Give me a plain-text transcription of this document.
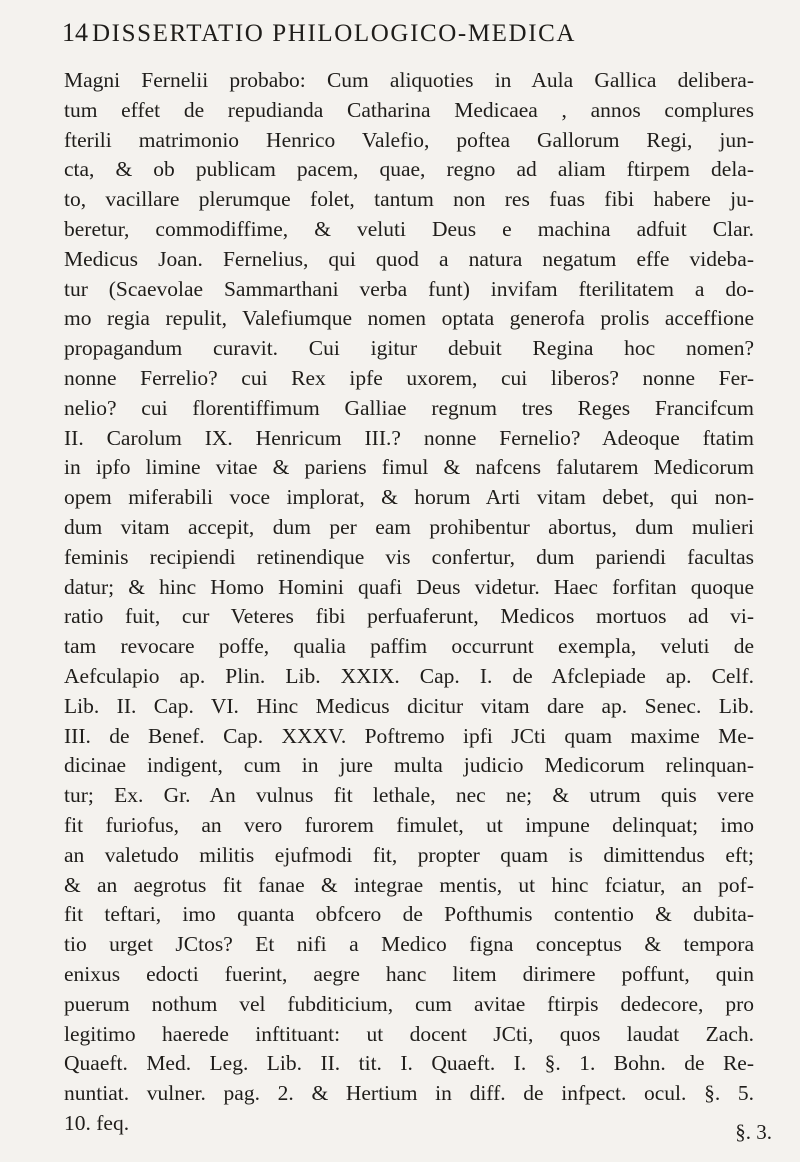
14 DISSERTATIO PHILOLOGICO-MEDICA
Magni Fernelii probabo: Cum aliquoties in Aula Gallica delibera-
tum effet de repudianda Catharina Medicaea , annos complures
fterili matrimonio Henrico Valefio, poftea Gallorum Regi, jun-
cta, & ob publicam pacem, quae, regno ad aliam ftirpem dela-
to, vacillare plerumque folet, tantum non res fuas fibi habere ju-
beretur, commodiffime, & veluti Deus e machina adfuit Clar.
Medicus Joan. Fernelius, qui quod a natura negatum effe videba-
tur (Scaevolae Sammarthani verba funt) invifam fterilitatem a do-
mo regia repulit, Valefiumque nomen optata generofa prolis acceffione
propagandum curavit. Cui igitur debuit Regina hoc nomen?
nonne Ferrelio? cui Rex ipfe uxorem, cui liberos? nonne Fer-
nelio? cui florentiffimum Galliae regnum tres Reges Francifcum
II. Carolum IX. Henricum III.? nonne Fernelio? Adeoque ftatim
in ipfo limine vitae & pariens fimul & nafcens falutarem Medicorum
opem miferabili voce implorat, & horum Arti vitam debet, qui non-
dum vitam accepit, dum per eam prohibentur abortus, dum mulieri
feminis recipiendi retinendique vis confertur, dum pariendi facultas
datur; & hinc Homo Homini quafi Deus videtur. Haec forfitan quoque
ratio fuit, cur Veteres fibi perfuaferunt, Medicos mortuos ad vi-
tam revocare poffe, qualia paffim occurrunt exempla, veluti de
Aefculapio ap. Plin. Lib. XXIX. Cap. I. de Afclepiade ap. Celf.
Lib. II. Cap. VI. Hinc Medicus dicitur vitam dare ap. Senec. Lib.
III. de Benef. Cap. XXXV. Poftremo ipfi JCti quam maxime Me-
dicinae indigent, cum in jure multa judicio Medicorum relinquan-
tur; Ex. Gr. An vulnus fit lethale, nec ne; & utrum quis vere
fit furiofus, an vero furorem fimulet, ut impune delinquat; imo
an valetudo militis ejufmodi fit, propter quam is dimittendus eft;
& an aegrotus fit fanae & integrae mentis, ut hinc fciatur, an pof-
fit teftari, imo quanta obfcero de Pofthumis contentio & dubita-
tio urget JCtos? Et nifi a Medico figna conceptus & tempora
enixus edocti fuerint, aegre hanc litem dirimere poffunt, quin
puerum nothum vel fubditicium, cum avitae ftirpis dedecore, pro
legitimo haerede inftituant: ut docent JCti, quos laudat Zach.
Quaeft. Med. Leg. Lib. II. tit. I. Quaeft. I. §. 1. Bohn. de Re-
nuntiat. vulner. pag. 2. & Hertium in diff. de infpect. ocul. §. 5.
10. feq.	§. 3.
